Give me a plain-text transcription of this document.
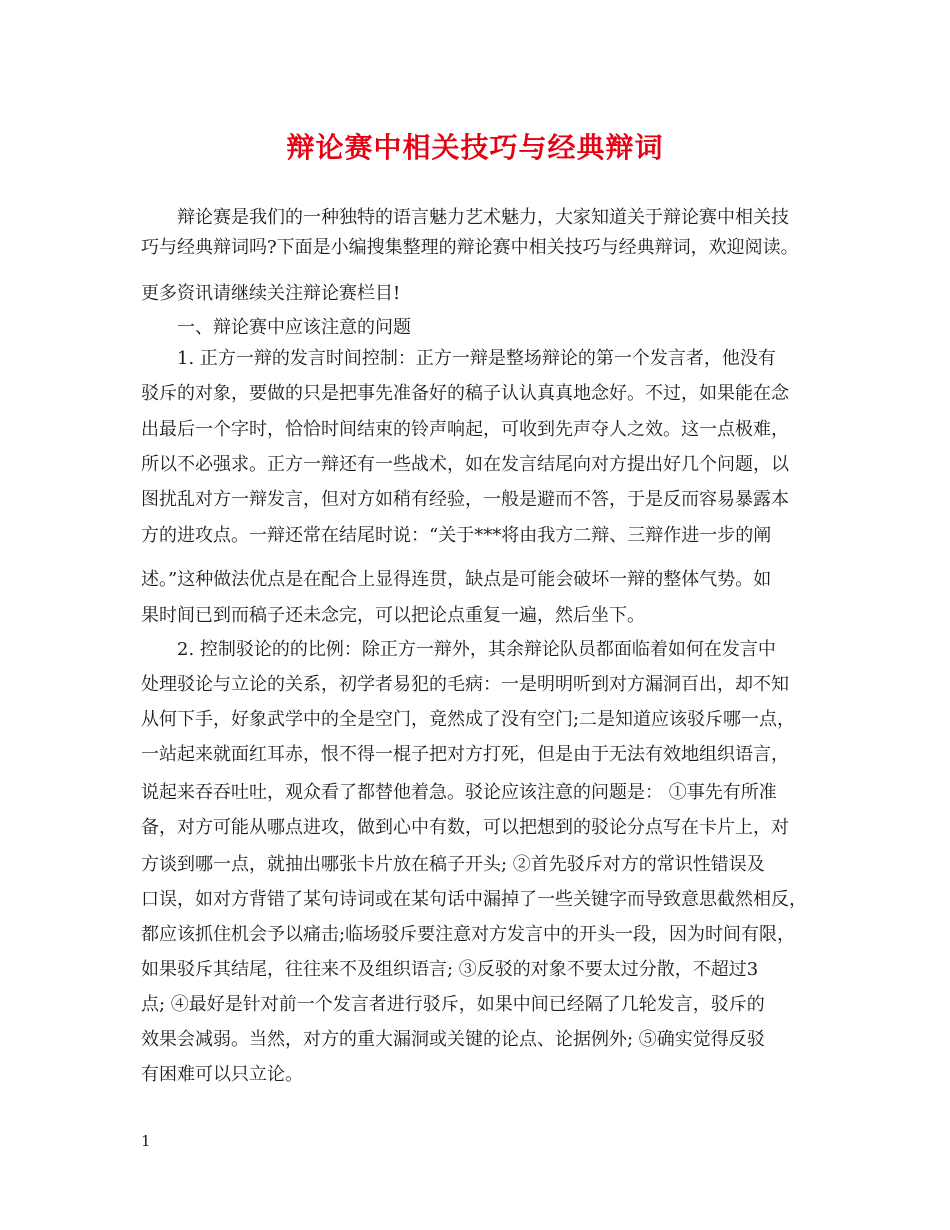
辩论赛中相关技巧与经典辩词
　　辩论赛是我们的一种独特的语言魅力艺术魅力，大家知道关于辩论赛中相关技
巧与经典辩词吗?下面是小编搜集整理的辩论赛中相关技巧与经典辩词，欢迎阅读。
更多资讯请继续关注辩论赛栏目!
　　一、辩论赛中应该注意的问题
　　1. 正方一辩的发言时间控制：正方一辩是整场辩论的第一个发言者，他没有
驳斥的对象，要做的只是把事先准备好的稿子认认真真地念好。不过，如果能在念
出最后一个字时，恰恰时间结束的铃声响起，可收到先声夺人之效。这一点极难，
所以不必强求。正方一辩还有一些战术，如在发言结尾向对方提出好几个问题，以
图扰乱对方一辩发言，但对方如稍有经验，一般是避而不答，于是反而容易暴露本
方的进攻点。一辩还常在结尾时说：“关于***将由我方二辩、三辩作进一步的阐
述。”这种做法优点是在配合上显得连贯，缺点是可能会破坏一辩的整体气势。如
果时间已到而稿子还未念完，可以把论点重复一遍，然后坐下。
　　2. 控制驳论的的比例：除正方一辩外，其余辩论队员都面临着如何在发言中
处理驳论与立论的关系，初学者易犯的毛病：一是明明听到对方漏洞百出，却不知
从何下手，好象武学中的全是空门，竟然成了没有空门;二是知道应该驳斥哪一点，
一站起来就面红耳赤，恨不得一棍子把对方打死，但是由于无法有效地组织语言，
说起来吞吞吐吐，观众看了都替他着急。驳论应该注意的问题是： ①事先有所准
备，对方可能从哪点进攻，做到心中有数，可以把想到的驳论分点写在卡片上，对
方谈到哪一点，就抽出哪张卡片放在稿子开头; ②首先驳斥对方的常识性错误及
口误，如对方背错了某句诗词或在某句话中漏掉了一些关键字而导致意思截然相反，
都应该抓住机会予以痛击;临场驳斥要注意对方发言中的开头一段，因为时间有限，
如果驳斥其结尾，往往来不及组织语言; ③反驳的对象不要太过分散，不超过3
点; ④最好是针对前一个发言者进行驳斥，如果中间已经隔了几轮发言，驳斥的
效果会减弱。当然，对方的重大漏洞或关键的论点、论据例外; ⑤确实觉得反驳
有困难可以只立论。
1
